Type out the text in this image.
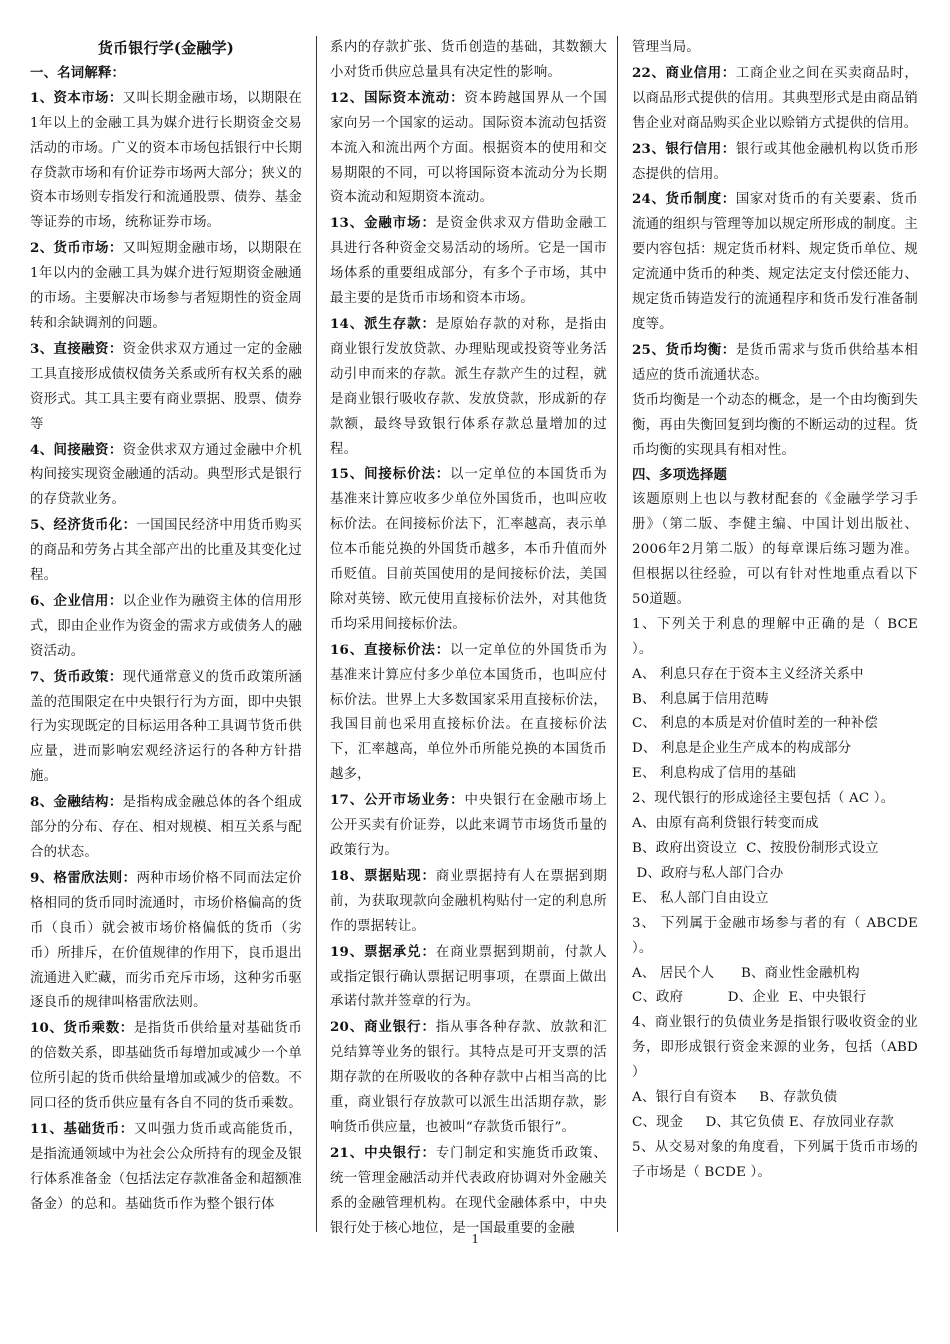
货币银行学(金融学)
一、名词解释：

1、资本市场：又叫长期金融市场，以期限在1年以上的金融工具为媒介进行长期资金交易活动的市场。广义的资本市场包括银行中长期存贷款市场和有价证券市场两大部分；狭义的资本市场则专指发行和流通股票、债券、基金等证券的市场，统称证券市场。

2、货币市场：又叫短期金融市场，以期限在1年以内的金融工具为媒介进行短期资金融通的市场。主要解决市场参与者短期性的资金周转和余缺调剂的问题。

3、直接融资：资金供求双方通过一定的金融工具直接形成债权债务关系或所有权关系的融资形式。其工具主要有商业票据、股票、债券等

4、间接融资：资金供求双方通过金融中介机构间接实现资金融通的活动。典型形式是银行的存贷款业务。

5、经济货币化：一国国民经济中用货币购买的商品和劳务占其全部产出的比重及其变化过程。

6、企业信用：以企业作为融资主体的信用形式，即由企业作为资金的需求方或债务人的融资活动。

7、货币政策：现代通常意义的货币政策所涵盖的范围限定在中央银行行为方面，即中央银行为实现既定的目标运用各种工具调节货币供应量，进而影响宏观经济运行的各种方针措施。

8、金融结构：是指构成金融总体的各个组成部分的分布、存在、相对规模、相互关系与配合的状态。

9、格雷欣法则：两种市场价格不同而法定价格相同的货币同时流通时，市场价格偏高的货币（良币）就会被市场价格偏低的货币（劣币）所排斥，在价值规律的作用下，良币退出流通进入贮藏，而劣币充斥市场，这种劣币驱逐良币的规律叫格雷欣法则。

10、货币乘数：是指货币供给量对基础货币的倍数关系，即基础货币每增加或减少一个单位所引起的货币供给量增加或减少的倍数。不同口径的货币供应量有各自不同的货币乘数。

11、基础货币：又叫强力货币或高能货币，是指流通领域中为社会公众所持有的现金及银行体系准备金（包括法定存款准备金和超额准备金）的总和。基础货币作为整个银行体

系内的存款扩张、货币创造的基础，其数额大小对货币供应总量具有决定性的影响。

12、国际资本流动：资本跨越国界从一个国家向另一个国家的运动。国际资本流动包括资本流入和流出两个方面。根据资本的使用和交易期限的不同，可以将国际资本流动分为长期资本流动和短期资本流动。

13、金融市场：是资金供求双方借助金融工具进行各种资金交易活动的场所。它是一国市场体系的重要组成部分，有多个子市场，其中最主要的是货币市场和资本市场。

14、派生存款：是原始存款的对称，是指由商业银行发放贷款、办理贴现或投资等业务活动引申而来的存款。派生存款产生的过程，就是商业银行吸收存款、发放贷款，形成新的存款额，最终导致银行体系存款总量增加的过程。

15、间接标价法：以一定单位的本国货币为基准来计算应收多少单位外国货币，也叫应收标价法。在间接标价法下，汇率越高，表示单位本币能兑换的外国货币越多，本币升值而外币贬值。目前英国使用的是间接标价法，美国除对英镑、欧元使用直接标价法外，对其他货币均采用间接标价法。

16、直接标价法：以一定单位的外国货币为基准来计算应付多少单位本国货币，也叫应付标价法。世界上大多数国家采用直接标价法，我国目前也采用直接标价法。在直接标价法下，汇率越高，单位外币所能兑换的本国货币越多，

17、公开市场业务：中央银行在金融市场上公开买卖有价证券，以此来调节市场货币量的政策行为。

18、票据贴现：商业票据持有人在票据到期前，为获取现款向金融机构贴付一定的利息所作的票据转让。

19、票据承兑：在商业票据到期前，付款人或指定银行确认票据记明事项，在票面上做出承诺付款并签章的行为。

20、商业银行：指从事各种存款、放款和汇兑结算等业务的银行。其特点是可开支票的活期存款的在所吸收的各种存款中占相当高的比重，商业银行存放款可以派生出活期存款，影响货币供应量，也被叫“存款货币银行”。

21、中央银行：专门制定和实施货币政策、统一管理金融活动并代表政府协调对外金融关系的金融管理机构。在现代金融体系中，中央银行处于核心地位，是一国最重要的金融

管理当局。

22、商业信用：工商企业之间在买卖商品时，以商品形式提供的信用。其典型形式是由商品销售企业对商品购买企业以赊销方式提供的信用。

23、银行信用：银行或其他金融机构以货币形态提供的信用。

24、货币制度：国家对货币的有关要素、货币流通的组织与管理等加以规定所形成的制度。主要内容包括：规定货币材料、规定货币单位、规定流通中货币的种类、规定法定支付偿还能力、规定货币铸造发行的流通程序和货币发行准备制度等。

25、货币均衡：是货币需求与货币供给基本相适应的货币流通状态。

货币均衡是一个动态的概念，是一个由均衡到失衡，再由失衡回复到均衡的不断运动的过程。货币均衡的实现具有相对性。

四、多项选择题

该题原则上也以与教材配套的《金融学学习手册》（第二版、李健主编、中国计划出版社、2006年2月第二版）的每章课后练习题为准。但根据以往经验，可以有针对性地重点看以下50道题。

1、下列关于利息的理解中正确的是（ BCE ）。

A、 利息只存在于资本主义经济关系中

B、 利息属于信用范畴

C、 利息的本质是对价值时差的一种补偿

D、 利息是企业生产成本的构成部分

E、 利息构成了信用的基础

2、现代银行的形成途径主要包括（ AC ）。

A、由原有高利贷银行转变而成

B、政府出资设立  C、按股份制形式设立

D、政府与私人部门合办

E、 私人部门自由设立

3、 下列属于金融市场参与者的有（ ABCDE ）。

A、 居民个人      B、商业性金融机构

C、政府          D、企业  E、中央银行

4、商业银行的负债业务是指银行吸收资金的业务，即形成银行资金来源的业务，包括（ABD ）

A、银行自有资本     B、存款负债

C、现金     D、其它负债 E、存放同业存款

5、从交易对象的角度看，下列属于货币市场的子市场是（ BCDE ）。

1
